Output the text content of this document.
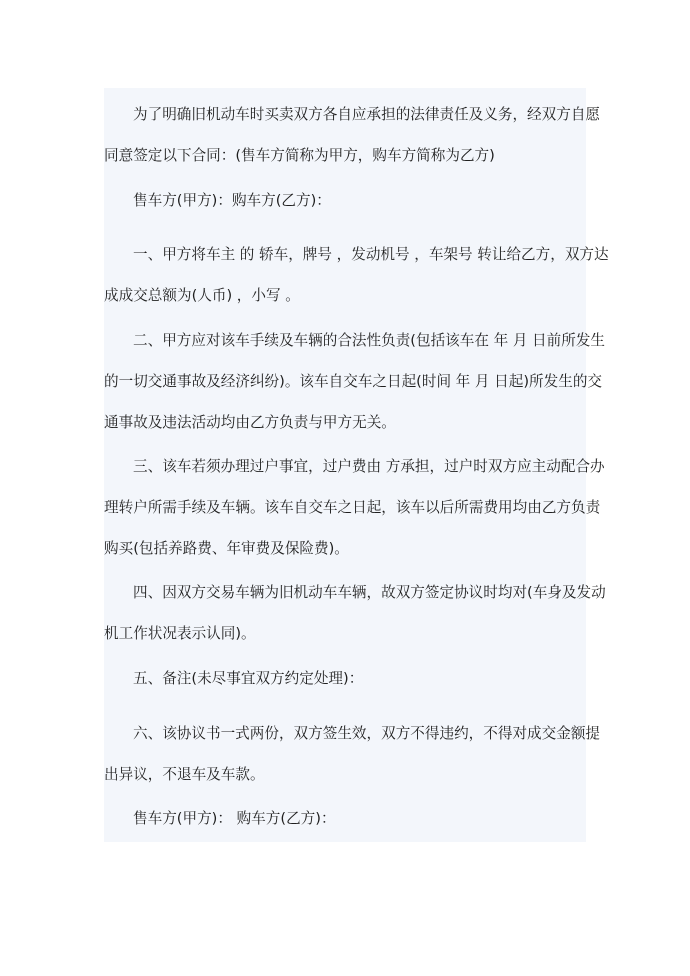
为了明确旧机动车时买卖双方各自应承担的法律责任及义务，经双方自愿
同意签定以下合同：(售车方简称为甲方，购车方简称为乙方)
售车方(甲方)：购车方(乙方)：
一、甲方将车主 的 轿车，牌号 ，发动机号 ，车架号 转让给乙方，双方达
成成交总额为(人币) ，小写 。
二、甲方应对该车手续及车辆的合法性负责(包括该车在 年 月 日前所发生
的一切交通事故及经济纠纷)。该车自交车之日起(时间 年 月 日起)所发生的交
通事故及违法活动均由乙方负责与甲方无关。
三、该车若须办理过户事宜，过户费由 方承担，过户时双方应主动配合办
理转户所需手续及车辆。该车自交车之日起，该车以后所需费用均由乙方负责
购买(包括养路费、年审费及保险费)。
四、因双方交易车辆为旧机动车车辆，故双方签定协议时均对(车身及发动
机工作状况表示认同)。
五、备注(未尽事宜双方约定处理)：
六、该协议书一式两份，双方签生效，双方不得违约，不得对成交金额提
出异议，不退车及车款。
售车方(甲方)： 购车方(乙方)：
